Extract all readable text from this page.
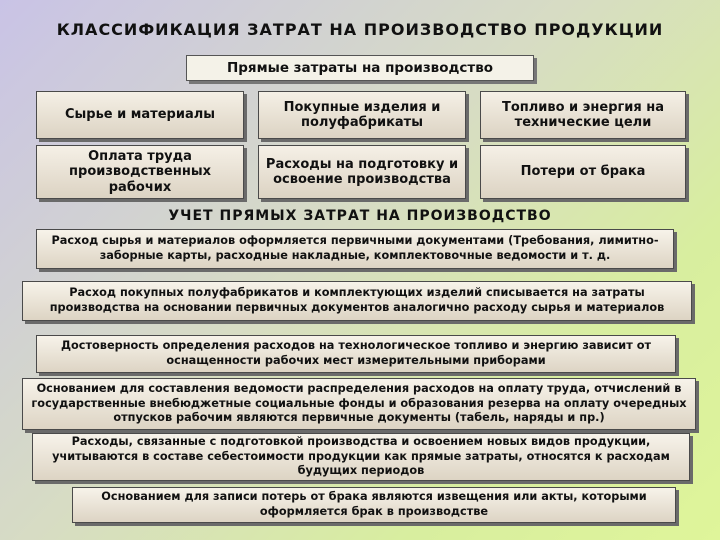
КЛАССИФИКАЦИЯ ЗАТРАТ НА ПРОИЗВОДСТВО ПРОДУКЦИИ
Прямые затраты на производство
Сырье и материалы
Покупные изделия и полуфабрикаты
Топливо и энергия на технические цели
Оплата труда производственных рабочих
Расходы на подготовку и освоение производства
Потери от брака
УЧЕТ ПРЯМЫХ ЗАТРАТ НА ПРОИЗВОДСТВО
Расход сырья и материалов оформляется первичными документами (Требования, лимитно-заборные карты, расходные накладные, комплектовочные ведомости и т. д.
Расход покупных полуфабрикатов и комплектующих изделий списывается на затраты производства на основании первичных документов аналогично расходу сырья и материалов
Достоверность определения расходов на технологическое топливо и энергию зависит от оснащенности рабочих мест измерительными приборами
Основанием для составления ведомости распределения расходов на оплату труда, отчислений в государственные внебюджетные социальные фонды и образования резерва на оплату очередных отпусков рабочим являются первичные документы (табель, наряды и пр.)
Расходы, связанные с подготовкой производства и освоением новых видов продукции, учитываются в составе себестоимости продукции как прямые затраты, относятся к расходам будущих периодов
Основанием для записи потерь от брака являются извещения или акты, которыми оформляется брак в производстве
